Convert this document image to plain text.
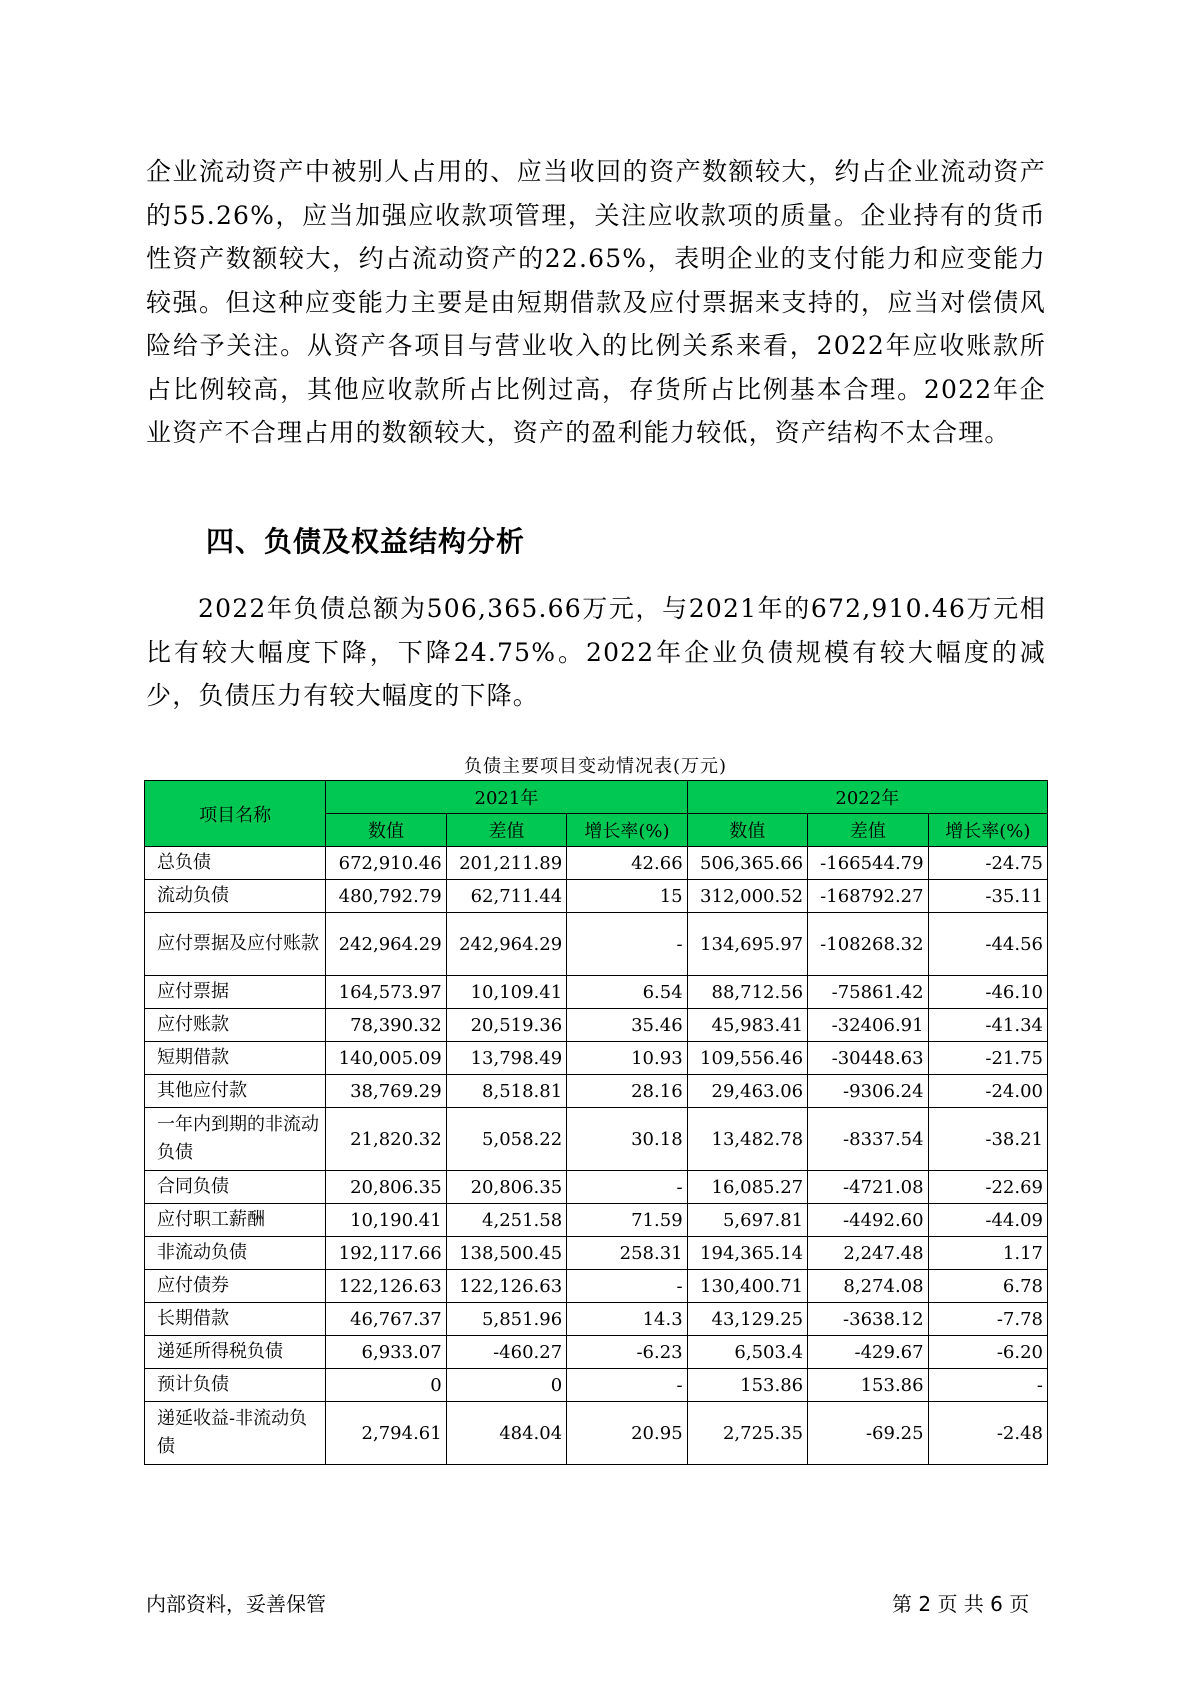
企业流动资产中被别人占用的、应当收回的资产数额较大，约占企业流动资产的55.26%，应当加强应收款项管理，关注应收款项的质量。企业持有的货币性资产数额较大，约占流动资产的22.65%，表明企业的支付能力和应变能力较强。但这种应变能力主要是由短期借款及应付票据来支持的，应当对偿债风险给予关注。从资产各项目与营业收入的比例关系来看，2022年应收账款所占比例较高，其他应收款所占比例过高，存货所占比例基本合理。2022年企业资产不合理占用的数额较大，资产的盈利能力较低，资产结构不太合理。

四、负债及权益结构分析

2022年负债总额为506,365.66万元，与2021年的672,910.46万元相比有较大幅度下降，下降24.75%。2022年企业负债规模有较大幅度的减少，负债压力有较大幅度的下降。

负债主要项目变动情况表(万元)
项目名称	2021年			2022年		
	数值	差值	增长率(%)	数值	差值	增长率(%)
总负债	672,910.46	201,211.89	42.66	506,365.66	-166544.79	-24.75
流动负债	480,792.79	62,711.44	15	312,000.52	-168792.27	-35.11
应付票据及应付账款	242,964.29	242,964.29	-	134,695.97	-108268.32	-44.56
应付票据	164,573.97	10,109.41	6.54	88,712.56	-75861.42	-46.10
应付账款	78,390.32	20,519.36	35.46	45,983.41	-32406.91	-41.34
短期借款	140,005.09	13,798.49	10.93	109,556.46	-30448.63	-21.75
其他应付款	38,769.29	8,518.81	28.16	29,463.06	-9306.24	-24.00
一年内到期的非流动负债	21,820.32	5,058.22	30.18	13,482.78	-8337.54	-38.21
合同负债	20,806.35	20,806.35	-	16,085.27	-4721.08	-22.69
应付职工薪酬	10,190.41	4,251.58	71.59	5,697.81	-4492.60	-44.09
非流动负债	192,117.66	138,500.45	258.31	194,365.14	2,247.48	1.17
应付债券	122,126.63	122,126.63	-	130,400.71	8,274.08	6.78
长期借款	46,767.37	5,851.96	14.3	43,129.25	-3638.12	-7.78
递延所得税负债	6,933.07	-460.27	-6.23	6,503.4	-429.67	-6.20
预计负债	0	0	-	153.86	153.86	-
递延收益-非流动负债	2,794.61	484.04	20.95	2,725.35	-69.25	-2.48
内部资料，妥善保管	第 2 页 共 6 页
